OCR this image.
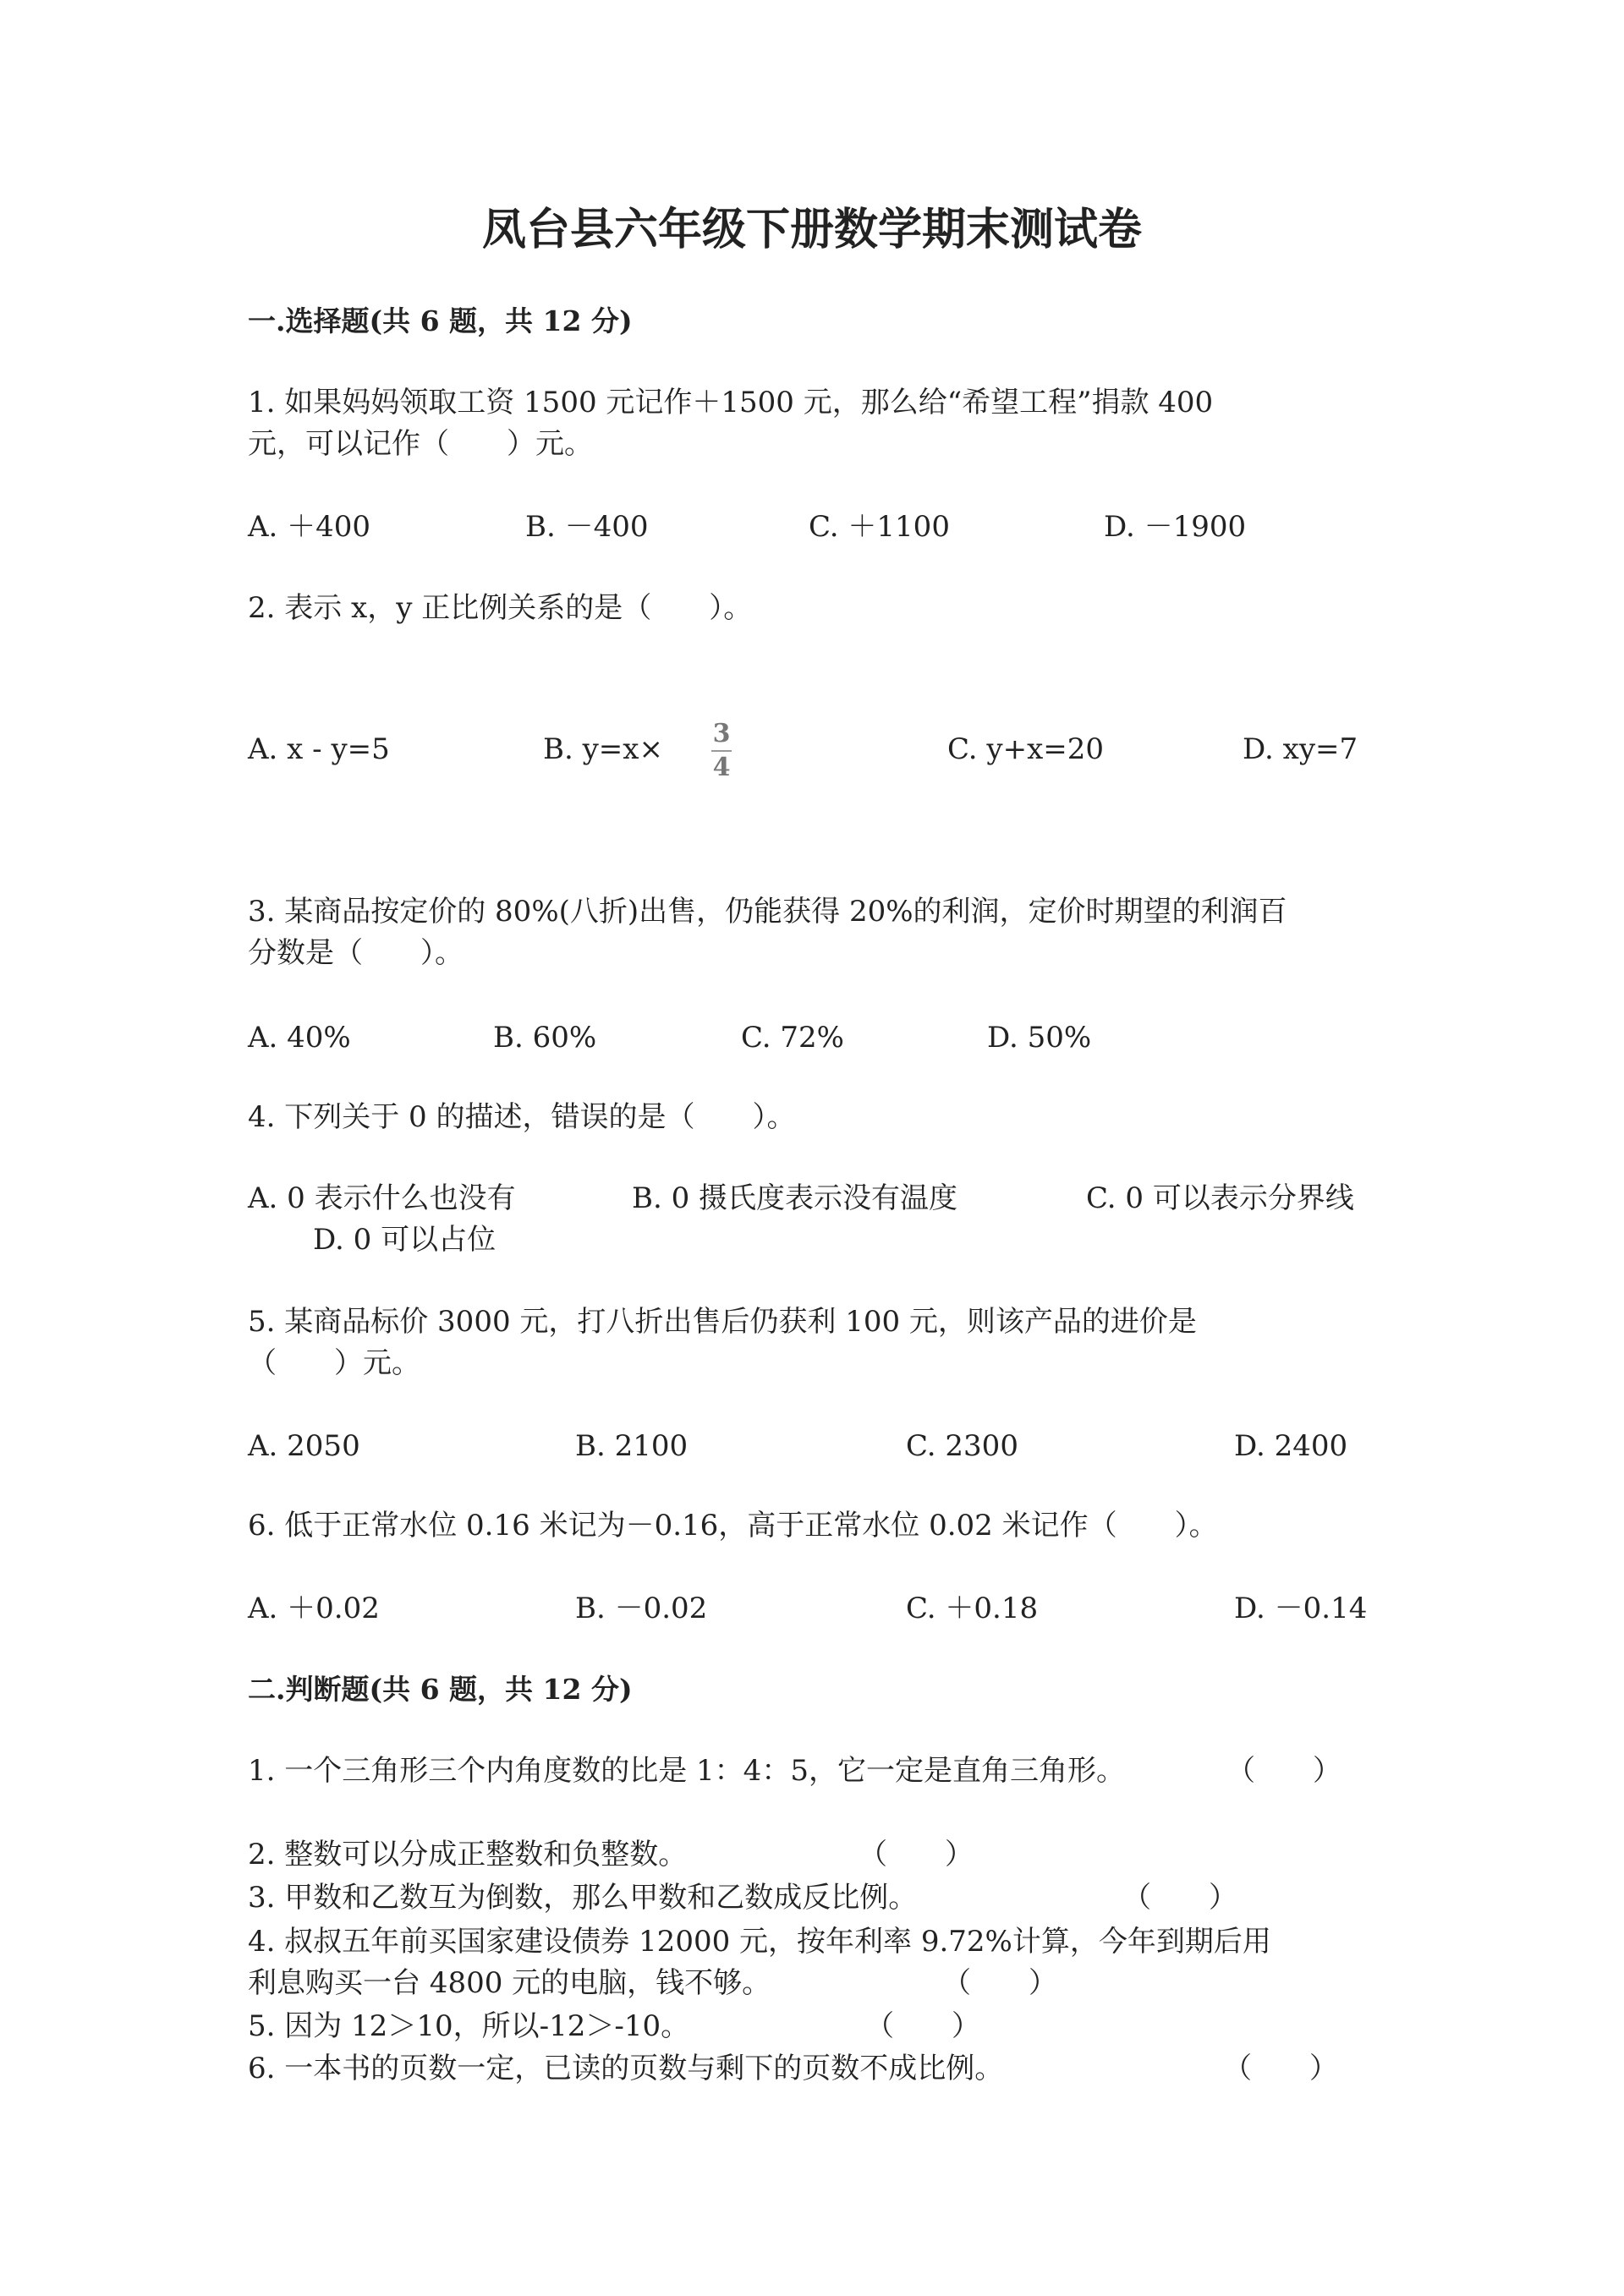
凤台县六年级下册数学期末测试卷
一.选择题(共 6 题，共 12 分)
1. 如果妈妈领取工资 1500 元记作＋1500 元，那么给“希望工程”捐款 400
元，可以记作（　　）元。
A. ＋400	B. －400	C. ＋1100	D. －1900
2. 表示 x，y 正比例关系的是（　　）。
A. x - y=5	B. y=x× 3
4
C. y+x=20	D. xy=7
3. 某商品按定价的 80%(八折)出售，仍能获得 20%的利润，定价时期望的利润百
分数是（　　）。
A. 40%	B. 60%	C. 72%	D. 50%
4. 下列关于 0 的描述，错误的是（　　）。
A. 0 表示什么也没有	B. 0 摄氏度表示没有温度	C. 0 可以表示分界线
D. 0 可以占位
5. 某商品标价 3000 元，打八折出售后仍获利 100 元，则该产品的进价是
（　　）元。
A. 2050	B. 2100	C. 2300	D. 2400
6. 低于正常水位 0.16 米记为－0.16，高于正常水位 0.02 米记作（　　）。
A. ＋0.02	B. －0.02	C. ＋0.18	D. －0.14
二.判断题(共 6 题，共 12 分)
1. 一个三角形三个内角度数的比是 1：4：5，它一定是直角三角形。	（　　）
2. 整数可以分成正整数和负整数。	（　　）
3. 甲数和乙数互为倒数，那么甲数和乙数成反比例。	（　　）
4. 叔叔五年前买国家建设债券 12000 元，按年利率 9.72%计算，今年到期后用
利息购买一台 4800 元的电脑，钱不够。	（　　）
5. 因为 12＞10，所以-12＞-10。	（　　）
6. 一本书的页数一定，已读的页数与剩下的页数不成比例。	（　　）
